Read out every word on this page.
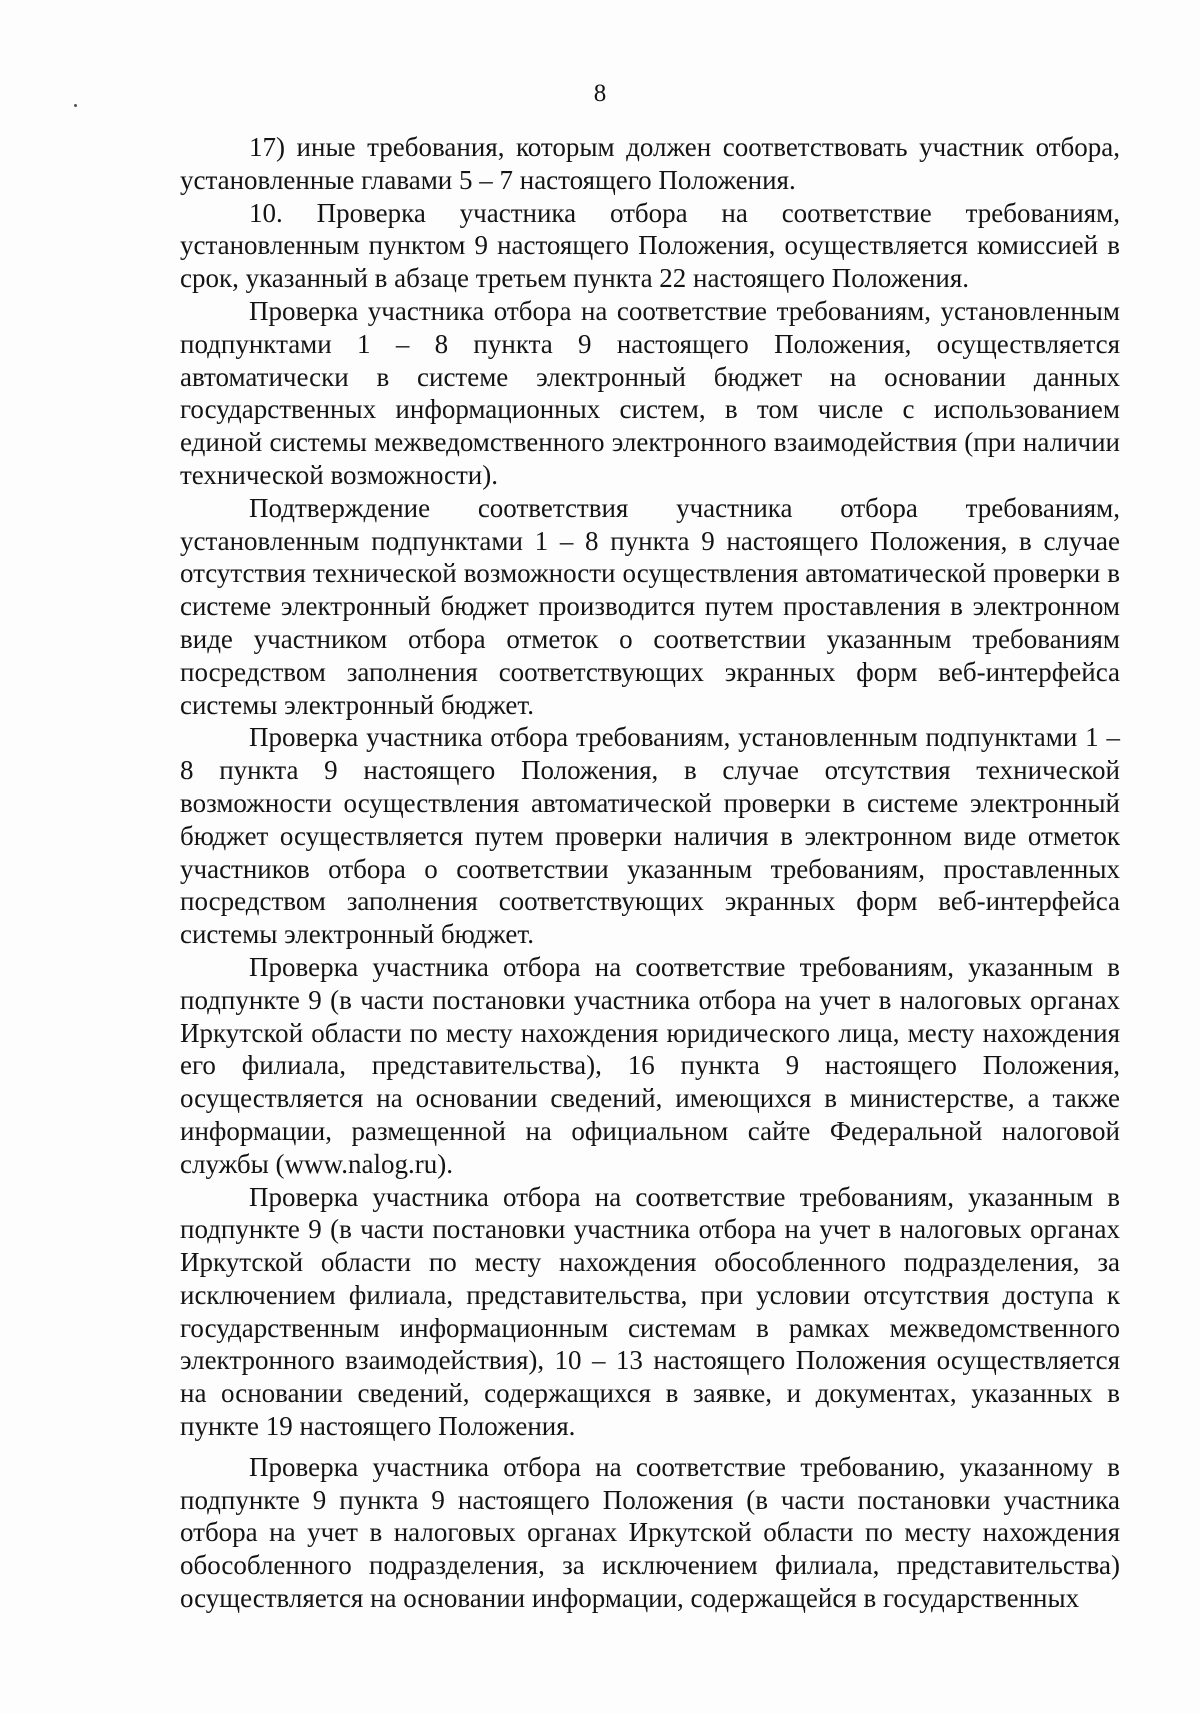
8

17) иные требования, которым должен соответствовать участник отбора, установленные главами 5 – 7 настоящего Положения.

10. Проверка участника отбора на соответствие требованиям, установленным пунктом 9 настоящего Положения, осуществляется комиссией в срок, указанный в абзаце третьем пункта 22 настоящего Положения.

Проверка участника отбора на соответствие требованиям, установленным подпунктами 1 – 8 пункта 9 настоящего Положения, осуществляется автоматически в системе электронный бюджет на основании данных государственных информационных систем, в том числе с использованием единой системы межведомственного электронного взаимодействия (при наличии технической возможности).

Подтверждение соответствия участника отбора требованиям, установленным подпунктами 1 – 8 пункта 9 настоящего Положения, в случае отсутствия технической возможности осуществления автоматической проверки в системе электронный бюджет производится путем проставления в электронном виде участником отбора отметок о соответствии указанным требованиям посредством заполнения соответствующих экранных форм веб-интерфейса системы электронный бюджет.

Проверка участника отбора требованиям, установленным подпунктами 1 – 8 пункта 9 настоящего Положения, в случае отсутствия технической возможности осуществления автоматической проверки в системе электронный бюджет осуществляется путем проверки наличия в электронном виде отметок участников отбора о соответствии указанным требованиям, проставленных посредством заполнения соответствующих экранных форм веб-интерфейса системы электронный бюджет.

Проверка участника отбора на соответствие требованиям, указанным в подпункте 9 (в части постановки участника отбора на учет в налоговых органах Иркутской области по месту нахождения юридического лица, месту нахождения его филиала, представительства), 16 пункта 9 настоящего Положения, осуществляется на основании сведений, имеющихся в министерстве, а также информации, размещенной на официальном сайте Федеральной налоговой службы (www.nalog.ru).

Проверка участника отбора на соответствие требованиям, указанным в подпункте 9 (в части постановки участника отбора на учет в налоговых органах Иркутской области по месту нахождения обособленного подразделения, за исключением филиала, представительства, при условии отсутствия доступа к государственным информационным системам в рамках межведомственного электронного взаимодействия), 10 – 13 настоящего Положения осуществляется на основании сведений, содержащихся в заявке, и документах, указанных в пункте 19 настоящего Положения.

Проверка участника отбора на соответствие требованию, указанному в подпункте 9 пункта 9 настоящего Положения (в части постановки участника отбора на учет в налоговых органах Иркутской области по месту нахождения обособленного подразделения, за исключением филиала, представительства) осуществляется на основании информации, содержащейся в государственных
